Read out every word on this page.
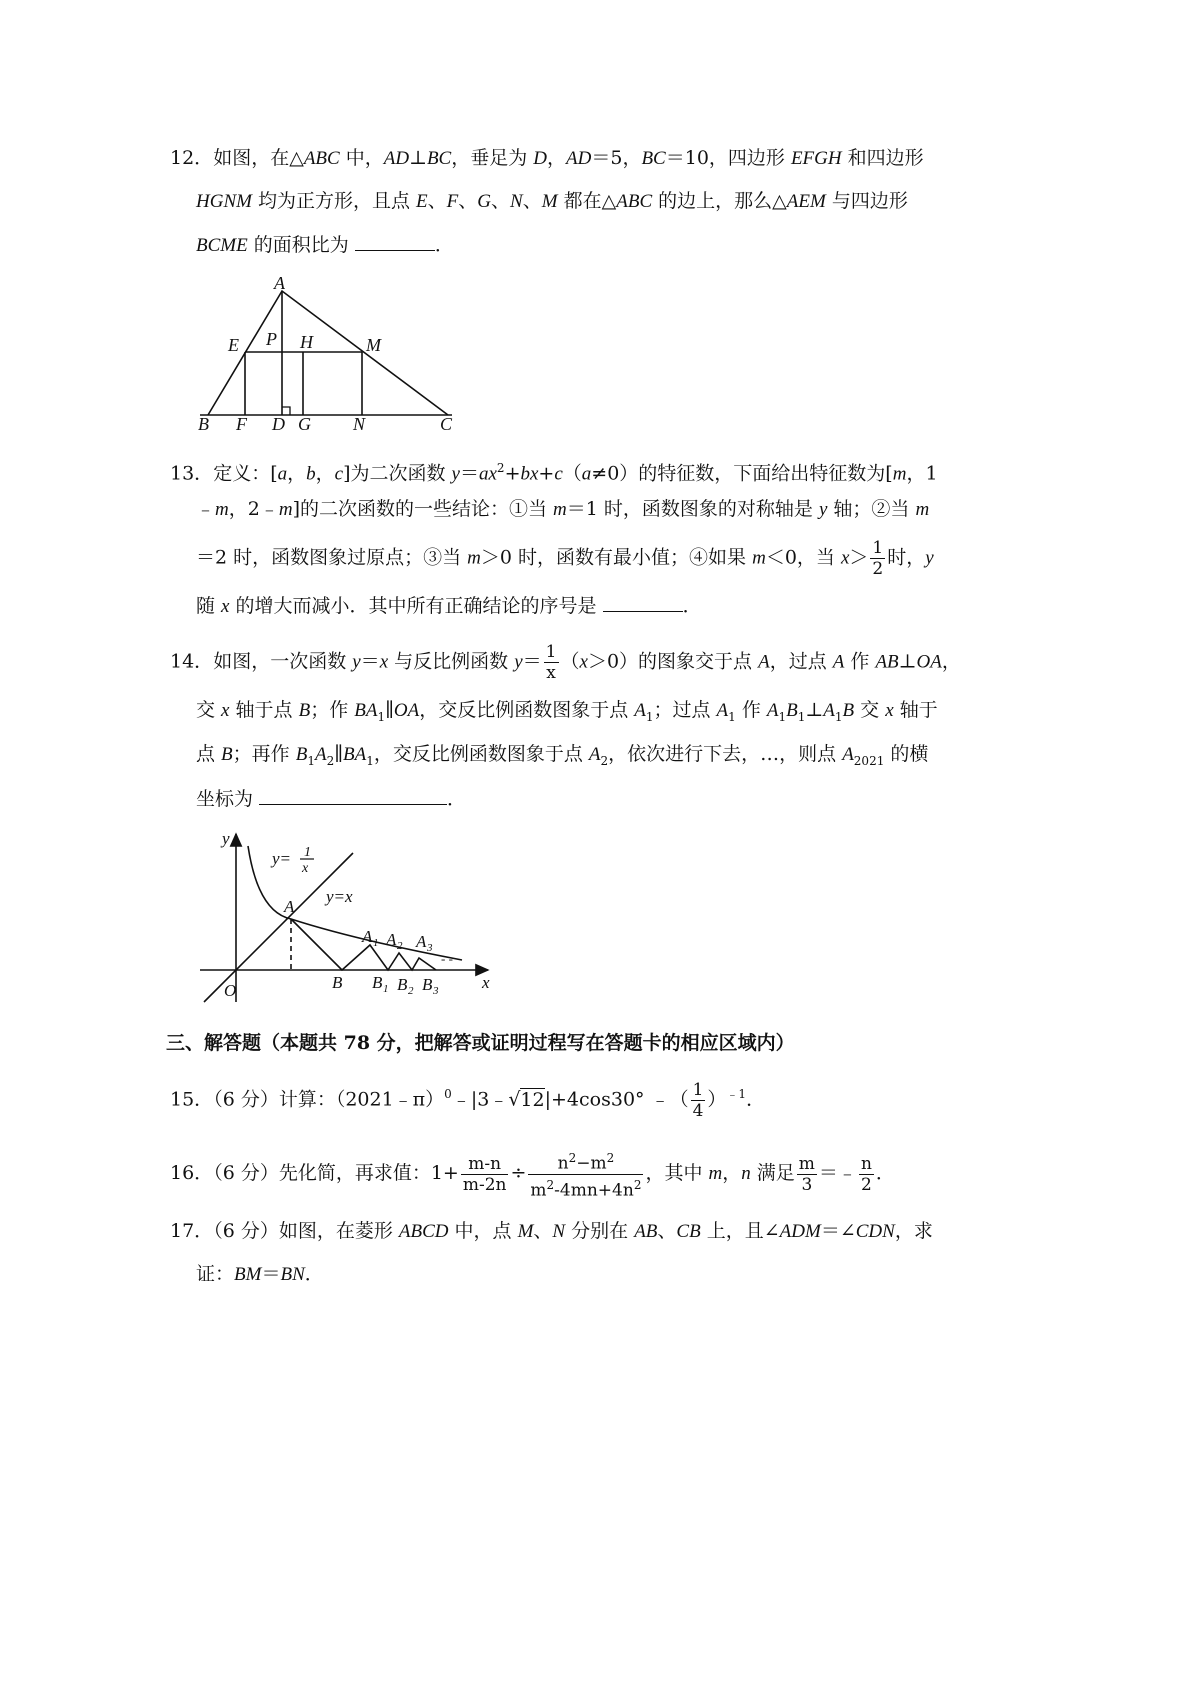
12．如图，在△ABC 中，AD⊥BC，垂足为 D，AD＝5，BC＝10，四边形 EFGH 和四边形
HGNM 均为正方形，且点 E、F、G、N、M 都在△ABC 的边上，那么△AEM 与四边形
BCME 的面积比为	．
A
E P H	M
B F D G N	C
13．定义：[a，b，c]为二次函数 $y=ax^2+bx+c(a\ne 0)$的特征数，下面给出特征数为[m，1
﹣m，2﹣m]的二次函数的一些结论：①当 m＝1 时，函数图象的对称轴是 y 轴；②当 m
＝2 时，函数图象过原点；③当 m＞0 时，函数有最小值；④如果 m＜0，当 $x> \frac{1}{2}$ 时，y
随 x 的增大而减小．其中所有正确结论的序号是	．
14．如图，一次函数 y＝x 与反比例函数 $y= \frac{1}{x} (x>0)$的图象交于点 A，过点 A 作 AB⊥OA，
交 x 轴于点 B；作 $BA_1\parallel OA$，交反比例函数图象于点 $A_1$；过点 $A_1$ 作 $A_1B_1\perp A_1B$ 交 x 轴于
点 B；再作 $B_1A_2\parallel BA_1$，交反比例函数图象于点 $A_2$，依次进行下去，…，则点 $A_{2021}$ 的横
坐标为	．
y
y= 1
x
y=x
A
A 1 A 2 A 3
- -
O	B B 1 B 2 B 3	x
三、解答题（本题共 78 分，把解答或证明过程写在答题卡的相应区域内）
15．（6 分）计算：（2021﹣π）$^0$﹣|3﹣√12|+4cos30° ﹣（ $\frac{1}{4} )^{﹣1}$．
16．（6 分）先化简，再求值：$1+ \frac{m-n}{m-2n} \div \frac{n^2-m^2}{m^2-4mn+4n^2}$ ，其中 m，n 满足 $\frac{m}{3}$ ＝﹣ $\frac{n}{2}$ ．
17．（6 分）如图，在菱形 ABCD 中，点 M、N 分别在 AB、CB 上，且∠ADM＝∠CDN，求
证：BM＝BN．
